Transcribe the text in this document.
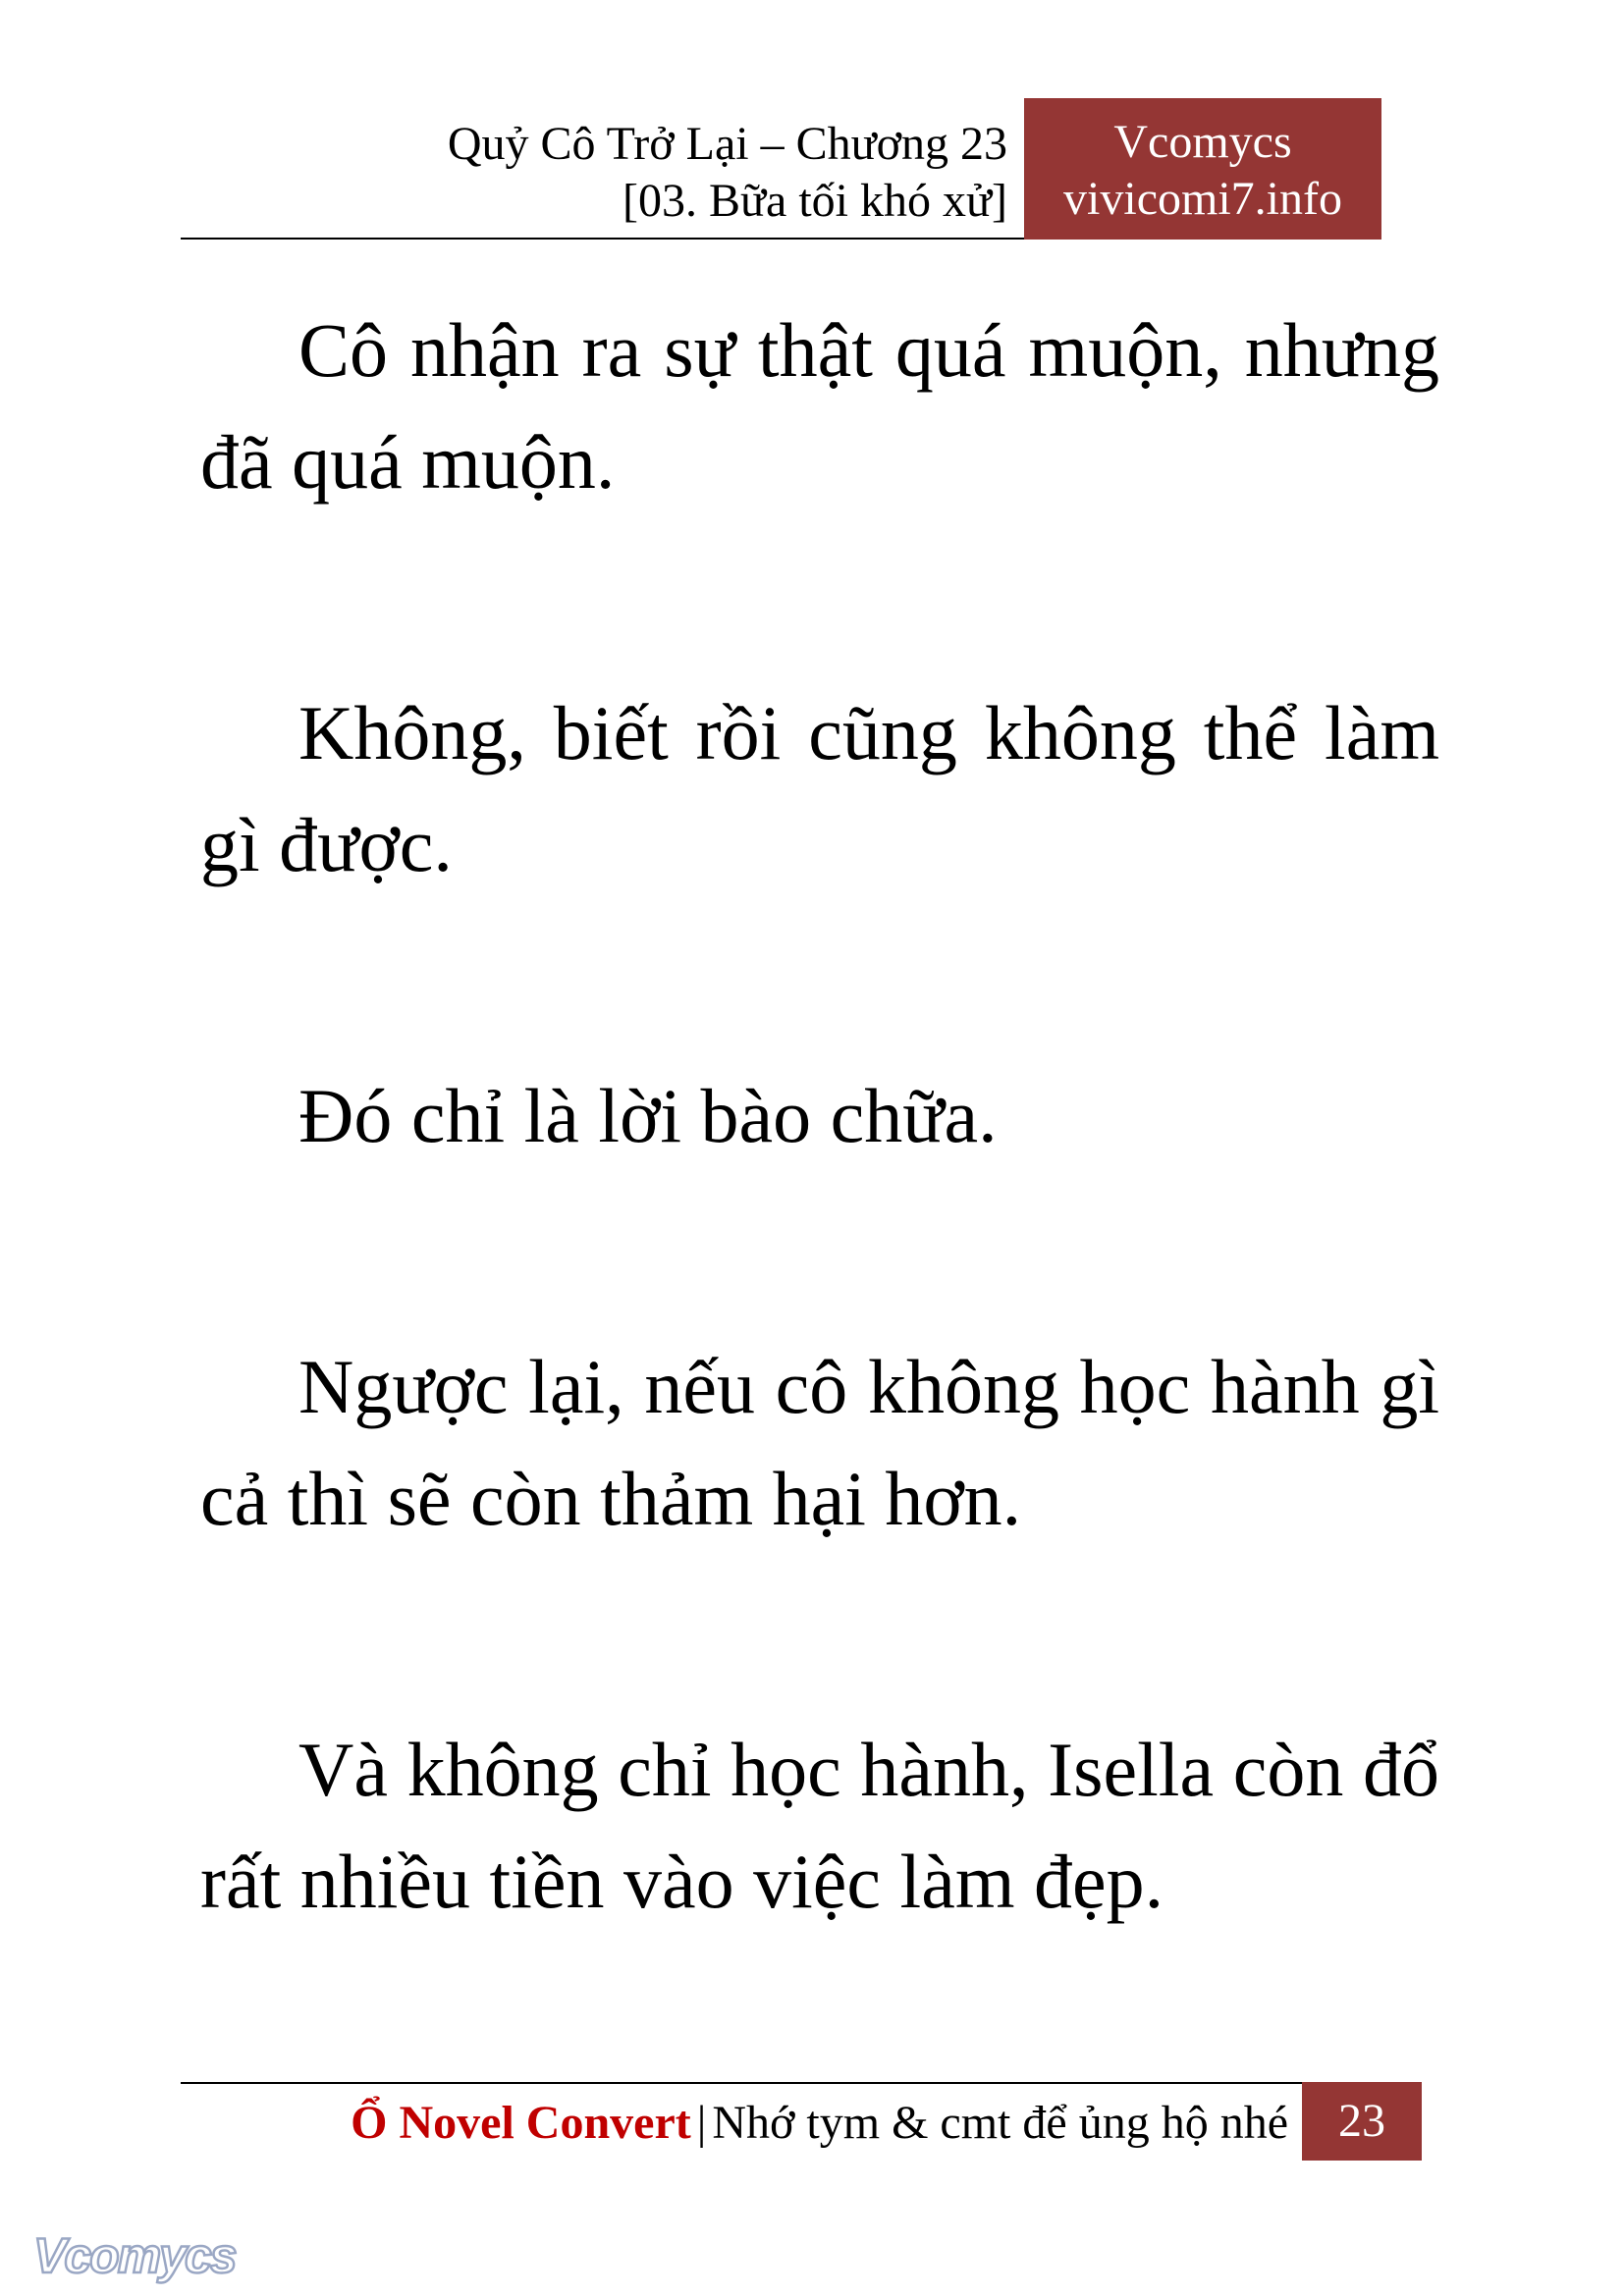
Quỷ Cô Trở Lại – Chương 23
[03. Bữa tối khó xử]
Vcomycs
vivicomi7.info

Cô nhận ra sự thật quá muộn, nhưng đã quá muộn.

Không, biết rồi cũng không thể làm gì được.

Đó chỉ là lời bào chữa.

Ngược lại, nếu cô không học hành gì cả thì sẽ còn thảm hại hơn.

Và không chỉ học hành, Isella còn đổ rất nhiều tiền vào việc làm đẹp.

Ổ Novel Convert | Nhớ tym & cmt để ủng hộ nhé	23
Vcomycs
